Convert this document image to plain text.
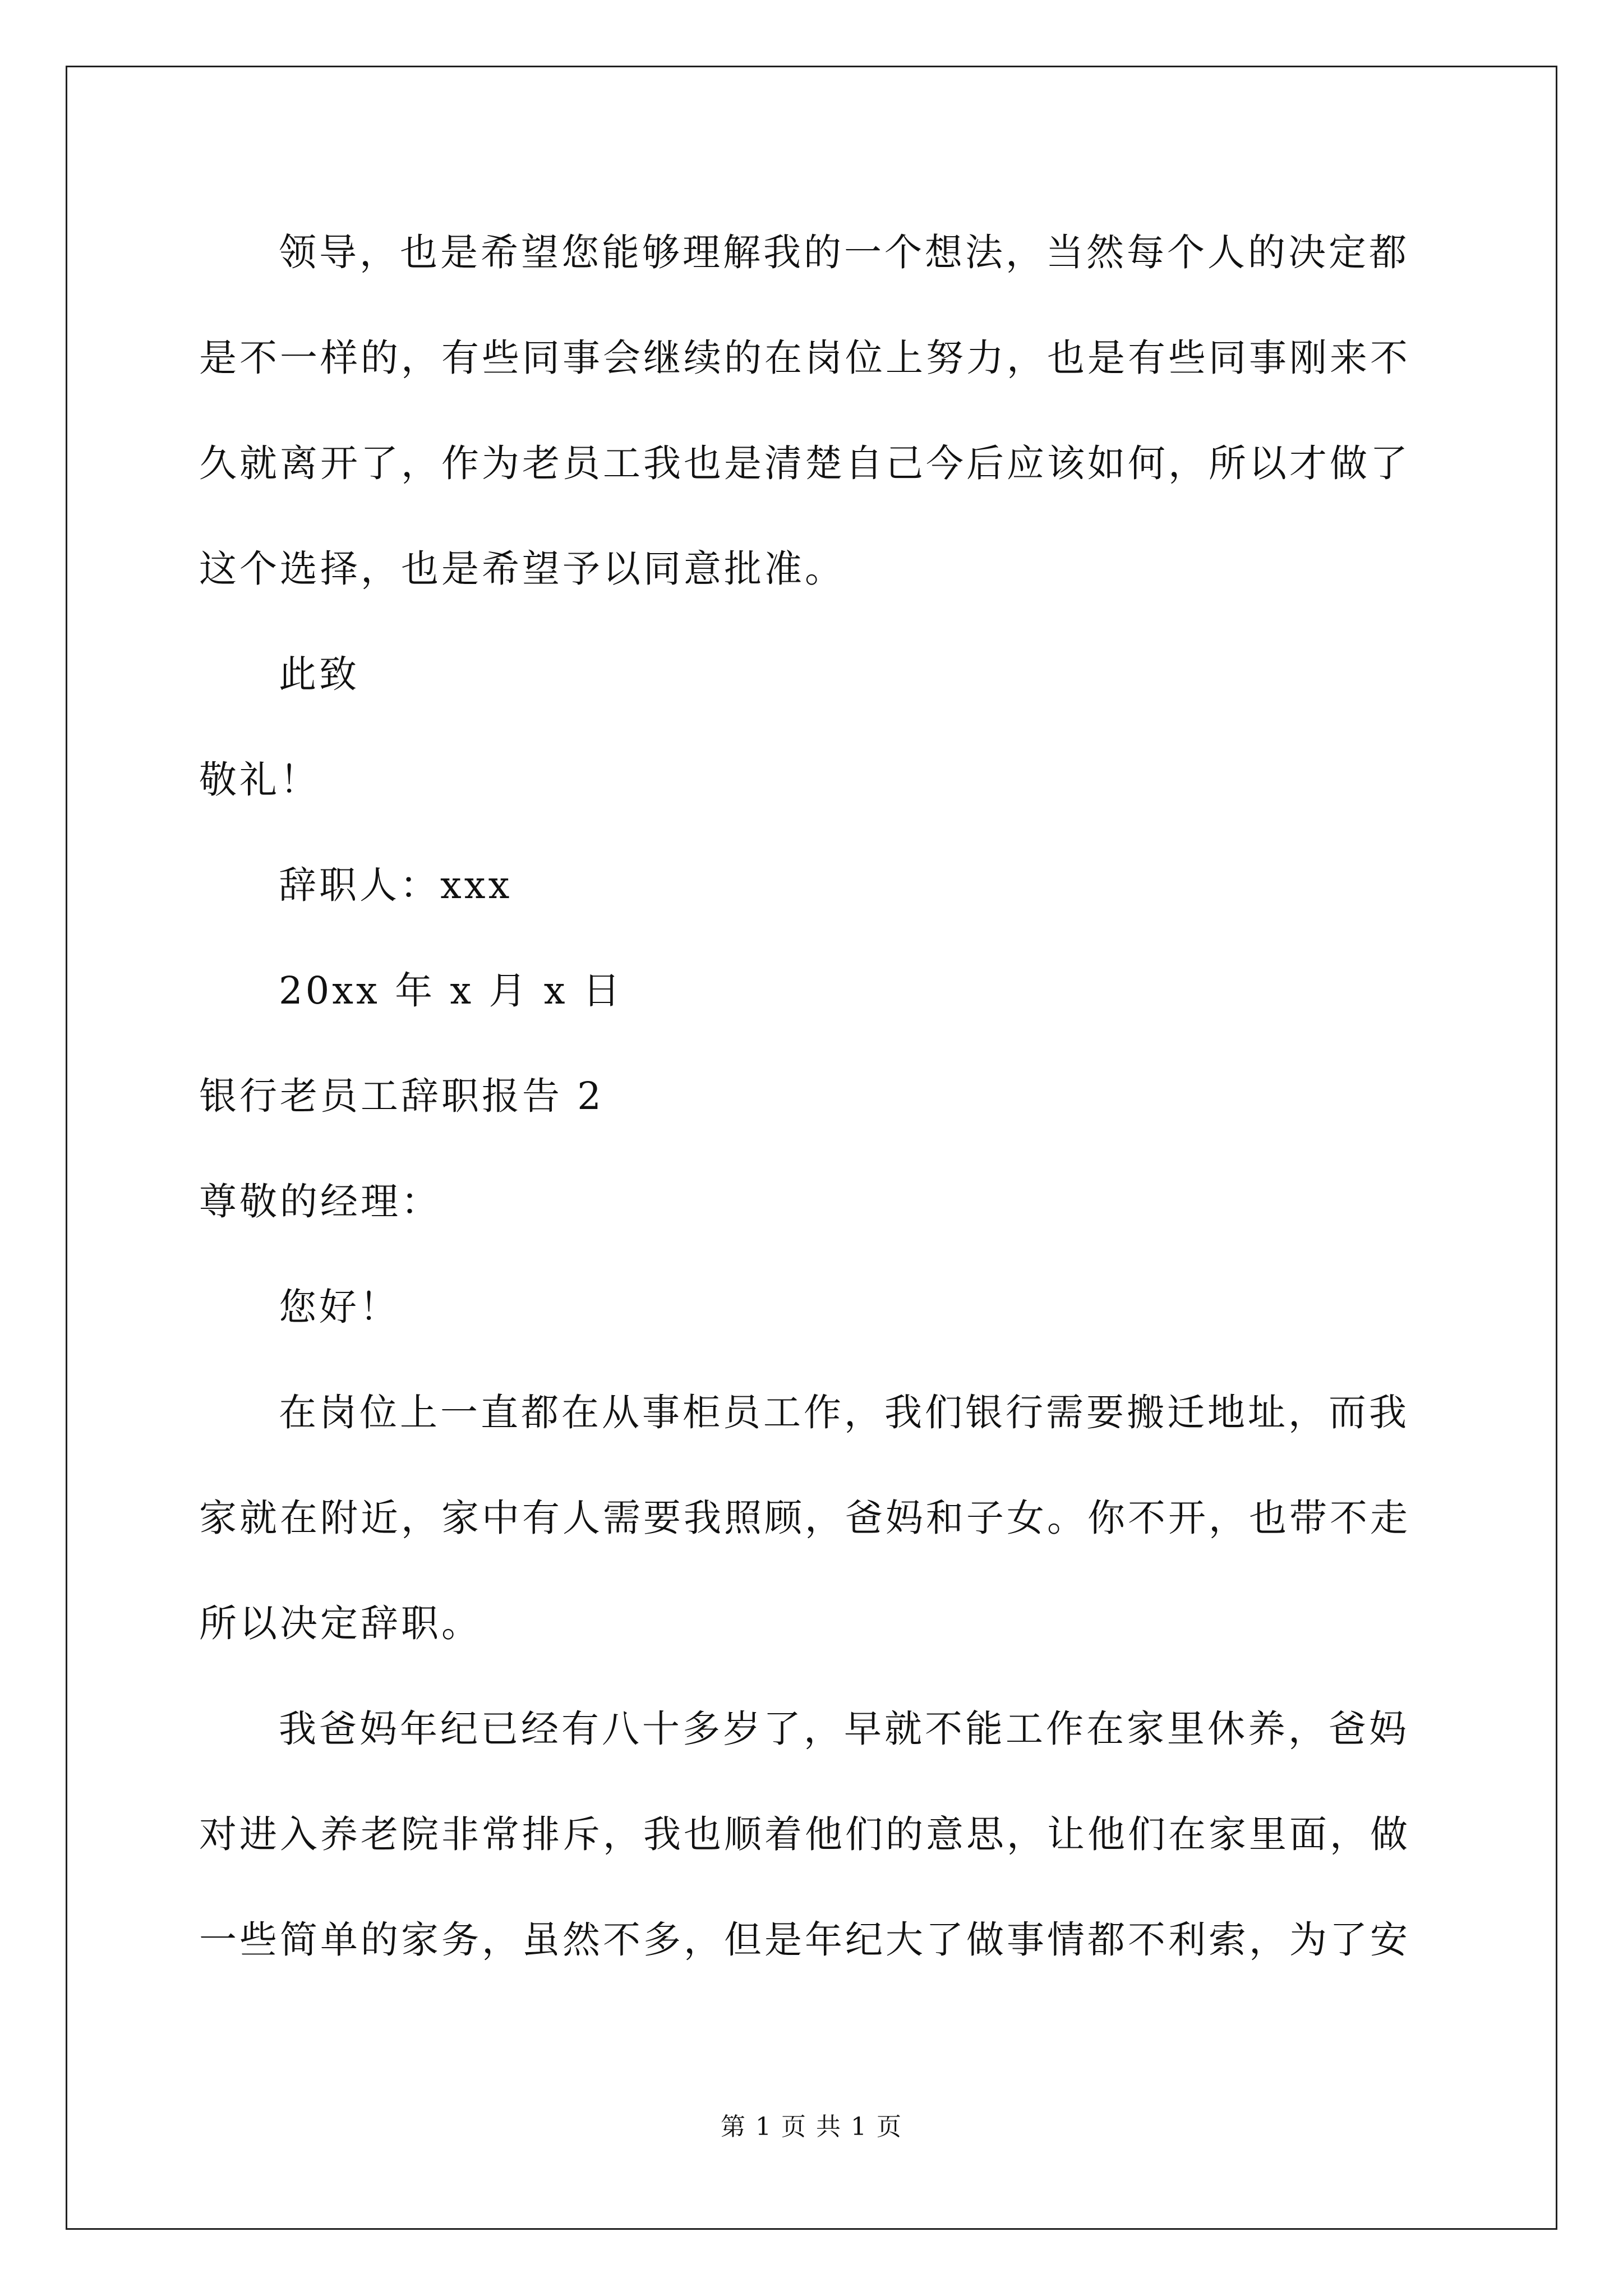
领导，也是希望您能够理解我的一个想法，当然每个人的决定都
是不一样的，有些同事会继续的在岗位上努力，也是有些同事刚来不
久就离开了，作为老员工我也是清楚自己今后应该如何，所以才做了
这个选择，也是希望予以同意批准。
此致
敬礼！
辞职人：xxx
20xx 年 x 月 x 日
银行老员工辞职报告 2
尊敬的经理：
您好！
在岗位上一直都在从事柜员工作，我们银行需要搬迁地址，而我
家就在附近，家中有人需要我照顾，爸妈和子女。你不开，也带不走
所以决定辞职。
我爸妈年纪已经有八十多岁了，早就不能工作在家里休养，爸妈
对进入养老院非常排斥，我也顺着他们的意思，让他们在家里面，做
一些简单的家务，虽然不多，但是年纪大了做事情都不利索，为了安
第 1 页 共 1 页
